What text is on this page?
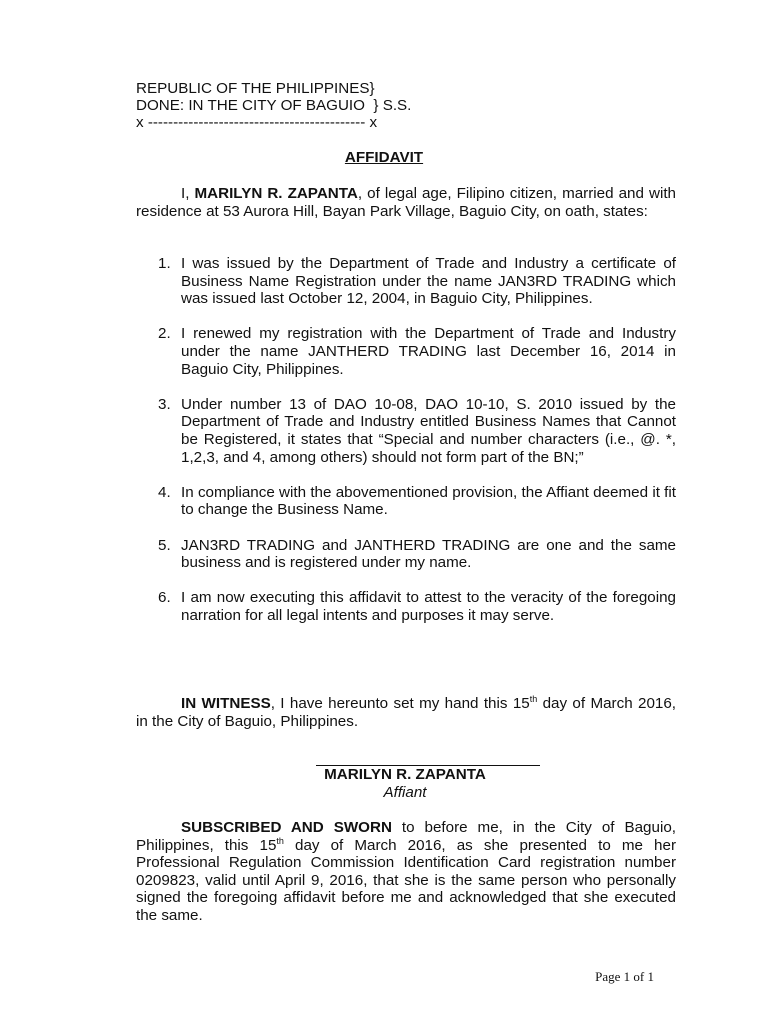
REPUBLIC OF THE PHILIPPINES}
DONE: IN THE CITY OF BAGUIO  } S.S.
x ------------------------------------------- x
AFFIDAVIT
I, MARILYN R. ZAPANTA, of legal age, Filipino citizen, married and with residence at 53 Aurora Hill, Bayan Park Village, Baguio City, on oath, states:
1. I was issued by the Department of Trade and Industry a certificate of Business Name Registration under the name JAN3RD TRADING which was issued last October 12, 2004, in Baguio City, Philippines.
2. I renewed my registration with the Department of Trade and Industry under the name JANTHERD TRADING last December 16, 2014 in Baguio City, Philippines.
3. Under number 13 of DAO 10-08, DAO 10-10, S. 2010 issued by the Department of Trade and Industry entitled Business Names that Cannot be Registered, it states that “Special and number characters (i.e., @. *, 1,2,3, and 4, among others) should not form part of the BN;”
4. In compliance with the abovementioned provision, the Affiant deemed it fit to change the Business Name.
5. JAN3RD TRADING and JANTHERD TRADING are one and the same business and is registered under my name.
6. I am now executing this affidavit to attest to the veracity of the foregoing narration for all legal intents and purposes it may serve.
IN WITNESS, I have hereunto set my hand this 15th day of March 2016, in the City of Baguio, Philippines.
MARILYN R. ZAPANTA
Affiant
SUBSCRIBED AND SWORN to before me, in the City of Baguio, Philippines, this 15th day of March 2016, as she presented to me her Professional Regulation Commission Identification Card registration number 0209823, valid until April 9, 2016, that she is the same person who personally signed the foregoing affidavit before me and acknowledged that she executed the same.
Page 1 of 1
